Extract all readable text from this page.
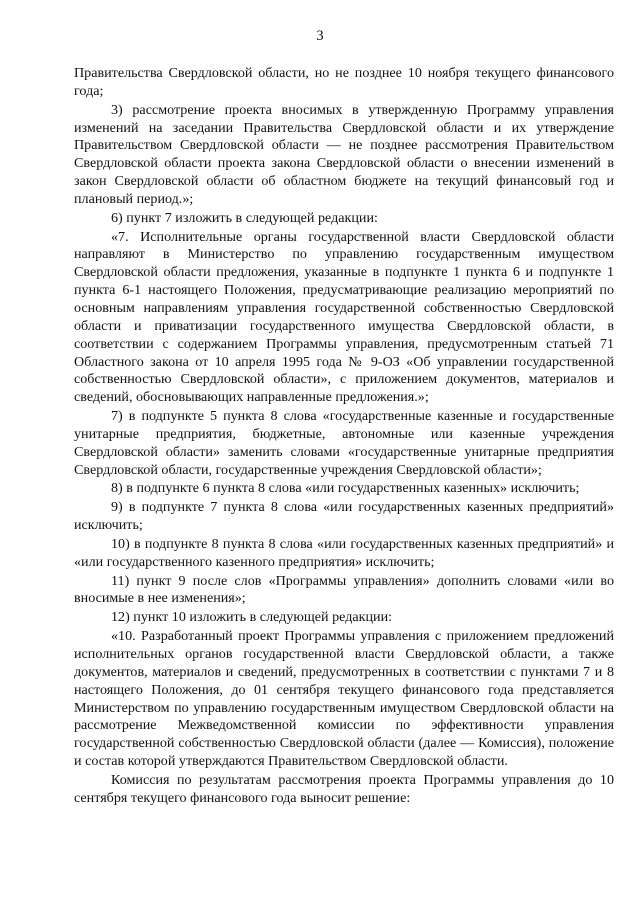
3

Правительства Свердловской области, но не позднее 10 ноября текущего финансового года;

3) рассмотрение проекта вносимых в утвержденную Программу управления изменений на заседании Правительства Свердловской области и их утверждение Правительством Свердловской области — не позднее рассмотрения Правительством Свердловской области проекта закона Свердловской области о внесении изменений в закон Свердловской области об областном бюджете на текущий финансовый год и плановый период.»;

6) пункт 7 изложить в следующей редакции:

«7. Исполнительные органы государственной власти Свердловской области направляют в Министерство по управлению государственным имуществом Свердловской области предложения, указанные в подпункте 1 пункта 6 и подпункте 1 пункта 6-1 настоящего Положения, предусматривающие реализацию мероприятий по основным направлениям управления государственной собственностью Свердловской области и приватизации государственного имущества Свердловской области, в соответствии с содержанием Программы управления, предусмотренным статьей 71 Областного закона от 10 апреля 1995 года № 9-ОЗ «Об управлении государственной собственностью Свердловской области», с приложением документов, материалов и сведений, обосновывающих направленные предложения.»;

7) в подпункте 5 пункта 8 слова «государственные казенные и государственные унитарные предприятия, бюджетные, автономные или казенные учреждения Свердловской области» заменить словами «государственные унитарные предприятия Свердловской области, государственные учреждения Свердловской области»;

8) в подпункте 6 пункта 8 слова «или государственных казенных» исключить;

9) в подпункте 7 пункта 8 слова «или государственных казенных предприятий» исключить;

10) в подпункте 8 пункта 8 слова «или государственных казенных предприятий» и «или государственного казенного предприятия» исключить;

11) пункт 9 после слов «Программы управления» дополнить словами «или во вносимые в нее изменения»;

12) пункт 10 изложить в следующей редакции:

«10. Разработанный проект Программы управления с приложением предложений исполнительных органов государственной власти Свердловской области, а также документов, материалов и сведений, предусмотренных в соответствии с пунктами 7 и 8 настоящего Положения, до 01 сентября текущего финансового года представляется Министерством по управлению государственным имуществом Свердловской области на рассмотрение Межведомственной комиссии по эффективности управления государственной собственностью Свердловской области (далее — Комиссия), положение и состав которой утверждаются Правительством Свердловской области.

Комиссия по результатам рассмотрения проекта Программы управления до 10 сентября текущего финансового года выносит решение:
